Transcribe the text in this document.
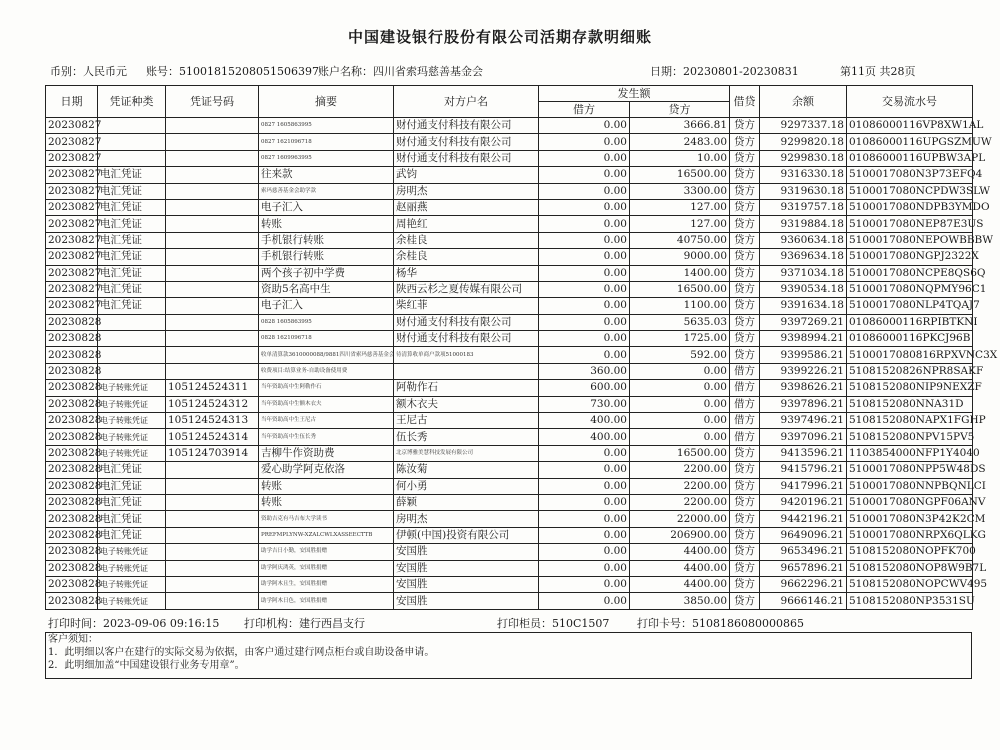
中国建设银行股份有限公司活期存款明细账
币别：人民币元 账号：51001815208051506397 账户名称：四川省索玛慈善基金会	日期：20230801-20230831	第11页 共28页
日期	凭证种类	凭证号码	摘要	对方户名	发生额		借贷	余额	交易流水号
					借方	贷方			
20230827			0827 1605863995	财付通支付科技有限公司	0.00	3666.81	贷方	9297337.18	01086000116VP8XW1AL
20230827			0827 1621096718	财付通支付科技有限公司	0.00	2483.00	贷方	9299820.18	01086000116UPGSZMUW
20230827			0827 1609963995	财付通支付科技有限公司	0.00	10.00	贷方	9299830.18	01086000116UPBW3APL
20230827	电汇凭证		往来款	武钧	0.00	16500.00	贷方	9316330.18	5100017080N3P73EFQ4
20230827	电汇凭证		索玛慈善基金会助学款	房明杰	0.00	3300.00	贷方	9319630.18	5100017080NCPDW3SLW
20230827	电汇凭证		电子汇入	赵丽燕	0.00	127.00	贷方	9319757.18	5100017080NDPB3YMDO
20230827	电汇凭证		转账	周艳红	0.00	127.00	贷方	9319884.18	5100017080NEP87E3US
20230827	电汇凭证		手机银行转账	余桂良	0.00	40750.00	贷方	9360634.18	5100017080NEPOWBBBW
20230827	电汇凭证		手机银行转账	余桂良	0.00	9000.00	贷方	9369634.18	5100017080NGPJ2322X
20230827	电汇凭证		两个孩子初中学费	杨华	0.00	1400.00	贷方	9371034.18	5100017080NCPE8QS6Q
20230827	电汇凭证		资助5名高中生	陕西云杉之夏传媒有限公司	0.00	16500.00	贷方	9390534.18	5100017080NQPMY96C1
20230827	电汇凭证		电子汇入	柴红菲	0.00	1100.00	贷方	9391634.18	5100017080NLP4TQAJ7
20230828			0828 1605863995	财付通支付科技有限公司	0.00	5635.03	贷方	9397269.21	01086000116RPIBTKNI
20230828			0828 1621096718	财付通支付科技有限公司	0.00	1725.00	贷方	9398994.21	01086000116PKCJ96B
20230828			收单清算款3610000088/9881四川省索玛慈善基金会	待清算收单商户款项51000183	0.00	592.00	贷方	9399586.21	5100017080816RPXVNC3X
20230828			收费项目:结算业务-自助设备使用费		360.00	0.00	借方	9399226.21	51081520826NPR8SAKF
20230828	电子转账凭证	105124524311	当年资助高中生阿勒作石	阿勒作石	600.00	0.00	借方	9398626.21	5108152080NIP9NEXZF
20230828	电子转账凭证	105124524312	当年资助高中生额木衣夫	额木衣夫	730.00	0.00	借方	9397896.21	5108152080NNA31D
20230828	电子转账凭证	105124524313	当年资助高中生王尼古	王尼古	400.00	0.00	借方	9397496.21	5108152080NAPX1FGHP
20230828	电子转账凭证	105124524314	当年资助高中生伍长秀	伍长秀	400.00	0.00	借方	9397096.21	5108152080NPV15PV5
20230828	电子转账凭证	105124703914	吉柳牛作资助费	北京博雅美慧科技发展有限公司	0.00	16500.00	贷方	9413596.21	1103854000NFP1Y4040
20230828	电汇凭证		爱心助学阿克依洛	陈汝菊	0.00	2200.00	贷方	9415796.21	5100017080NPP5W48DS
20230828	电汇凭证		转账	何小勇	0.00	2200.00	贷方	9417996.21	5100017080NNPBQNLCI
20230828	电汇凭证		转账	薛颖	0.00	2200.00	贷方	9420196.21	5100017080NGPF06ANV
20230828	电汇凭证		资助吉克有马吉布大学读书	房明杰	0.00	22000.00	贷方	9442196.21	5100017080N3P42K2CM
20230828	电汇凭证		PREFMPLYNW-XZALCWLXASSEECTTB	伊顿(中国)投资有限公司	0.00	206900.00	贷方	9649096.21	5100017080NRPX6QLKG
20230828	电子转账凭证		助学吉日小勤，安国胜捐赠	安国胜	0.00	4400.00	贷方	9653496.21	5108152080NOPFK700
20230828	电子转账凭证		助学阿庆鸿英，安国胜捐赠	安国胜	0.00	4400.00	贷方	9657896.21	5108152080NOP8W9B7L
20230828	电子转账凭证		助学阿木且生，安国胜捐赠	安国胜	0.00	4400.00	贷方	9662296.21	5108152080NOPCWV495
20230828	电子转账凭证		助学阿木日色，安国胜捐赠	安国胜	0.00	3850.00	贷方	9666146.21	5108152080NP3531SU
打印时间：2023-09-06 09:16:15 打印机构：建行西昌支行	打印柜员：510C1507	打印卡号：5108186080000865
客户须知：
1．此明细以客户在建行的实际交易为依据，由客户通过建行网点柜台或自助设备申请。
2．此明细加盖“中国建设银行业务专用章”。
